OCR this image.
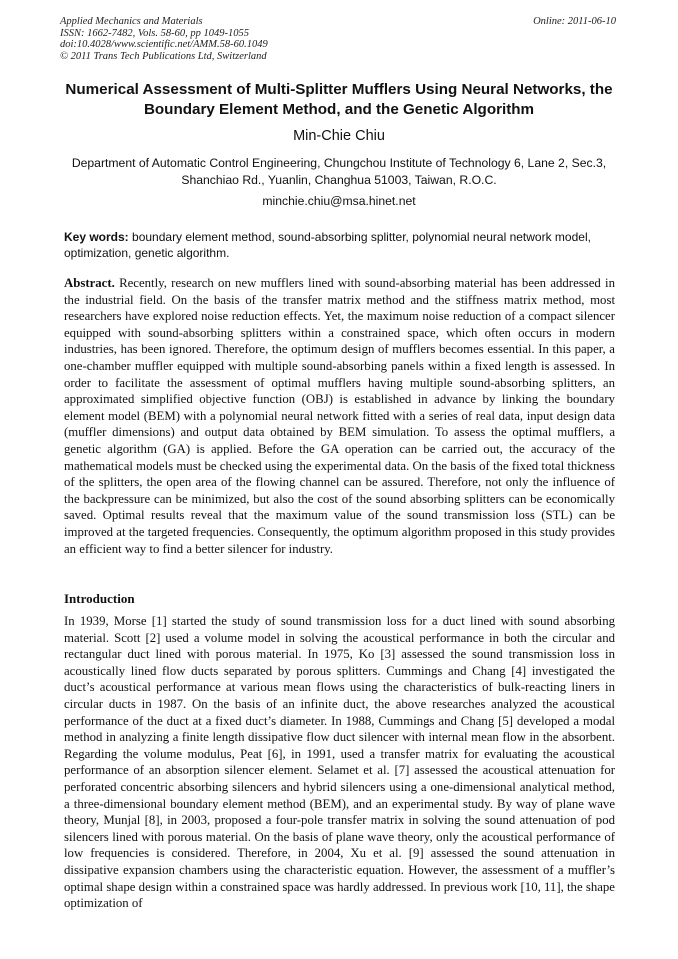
Applied Mechanics and Materials
ISSN: 1662-7482, Vols. 58-60, pp 1049-1055
doi:10.4028/www.scientific.net/AMM.58-60.1049
© 2011 Trans Tech Publications Ltd, Switzerland
Online: 2011-06-10
Numerical Assessment of Multi-Splitter Mufflers Using Neural Networks, the Boundary Element Method, and the Genetic Algorithm
Min-Chie Chiu
Department of Automatic Control Engineering, Chungchou Institute of Technology 6, Lane 2, Sec.3, Shanchiao Rd., Yuanlin, Changhua 51003, Taiwan, R.O.C.
minchie.chiu@msa.hinet.net
Key words: boundary element method, sound-absorbing splitter, polynomial neural network model, optimization, genetic algorithm.

Abstract. Recently, research on new mufflers lined with sound-absorbing material has been addressed in the industrial field. On the basis of the transfer matrix method and the stiffness matrix method, most researchers have explored noise reduction effects. Yet, the maximum noise reduction of a compact silencer equipped with sound-absorbing splitters within a constrained space, which often occurs in modern industries, has been ignored. Therefore, the optimum design of mufflers becomes essential. In this paper, a one-chamber muffler equipped with multiple sound-absorbing panels within a fixed length is assessed. In order to facilitate the assessment of optimal mufflers having multiple sound-absorbing splitters, an approximated simplified objective function (OBJ) is established in advance by linking the boundary element model (BEM) with a polynomial neural network fitted with a series of real data, input design data (muffler dimensions) and output data obtained by BEM simulation. To assess the optimal mufflers, a genetic algorithm (GA) is applied. Before the GA operation can be carried out, the accuracy of the mathematical models must be checked using the experimental data. On the basis of the fixed total thickness of the splitters, the open area of the flowing channel can be assured. Therefore, not only the influence of the backpressure can be minimized, but also the cost of the sound absorbing splitters can be economically saved. Optimal results reveal that the maximum value of the sound transmission loss (STL) can be improved at the targeted frequencies. Consequently, the optimum algorithm proposed in this study provides an efficient way to find a better silencer for industry.

Introduction

In 1939, Morse [1] started the study of sound transmission loss for a duct lined with sound absorbing material. Scott [2] used a volume model in solving the acoustical performance in both the circular and rectangular duct lined with porous material. In 1975, Ko [3] assessed the sound transmission loss in acoustically lined flow ducts separated by porous splitters. Cummings and Chang [4] investigated the duct’s acoustical performance at various mean flows using the characteristics of bulk-reacting liners in circular ducts in 1987. On the basis of an infinite duct, the above researches analyzed the acoustical performance of the duct at a fixed duct’s diameter. In 1988, Cummings and Chang [5] developed a modal method in analyzing a finite length dissipative flow duct silencer with internal mean flow in the absorbent. Regarding the volume modulus, Peat [6], in 1991, used a transfer matrix for evaluating the acoustical performance of an absorption silencer element. Selamet et al. [7] assessed the acoustical attenuation for perforated concentric absorbing silencers and hybrid silencers using a one-dimensional analytical method, a three-dimensional boundary element method (BEM), and an experimental study. By way of plane wave theory, Munjal [8], in 2003, proposed a four-pole transfer matrix in solving the sound attenuation of pod silencers lined with porous material. On the basis of plane wave theory, only the acoustical performance of low frequencies is considered. Therefore, in 2004, Xu et al. [9] assessed the sound attenuation in dissipative expansion chambers using the characteristic equation. However, the assessment of a muffler’s optimal shape design within a constrained space was hardly addressed. In previous work [10, 11], the shape optimization of
